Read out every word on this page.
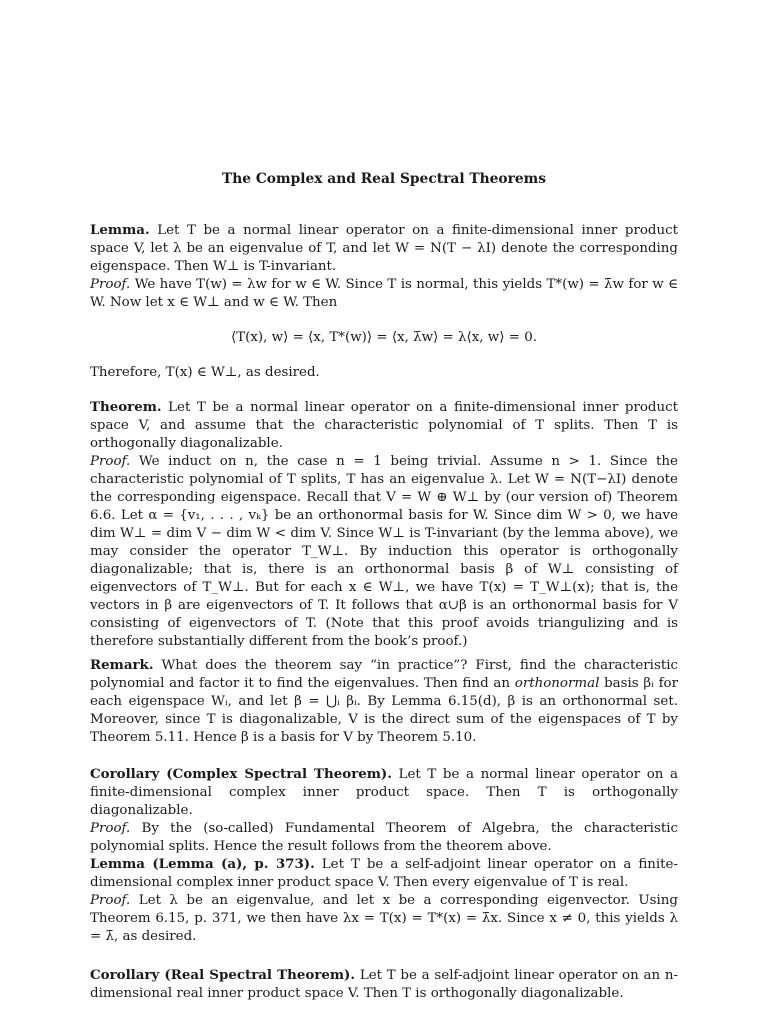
The Complex and Real Spectral Theorems

Lemma. Let T be a normal linear operator on a finite-dimensional inner product space V, let λ be an eigenvalue of T, and let W = N(T − λI) denote the corresponding eigenspace. Then W⊥ is T-invariant.

Proof. We have T(w) = λw for w ∈ W. Since T is normal, this yields T*(w) = λ̄w for w ∈ W. Now let x ∈ W⊥ and w ∈ W. Then

⟨T(x), w⟩ = ⟨x, T*(w)⟩ = ⟨x, λ̄w⟩ = λ⟨x, w⟩ = 0.

Therefore, T(x) ∈ W⊥, as desired.

Theorem. Let T be a normal linear operator on a finite-dimensional inner product space V, and assume that the characteristic polynomial of T splits. Then T is orthogonally diagonalizable.

Proof. We induct on n, the case n = 1 being trivial. Assume n > 1. Since the characteristic polynomial of T splits, T has an eigenvalue λ. Let W = N(T−λI) denote the corresponding eigenspace. Recall that V = W ⊕ W⊥ by (our version of) Theorem 6.6. Let α = {v₁, . . . , vₖ} be an orthonormal basis for W. Since dim W > 0, we have dim W⊥ = dim V − dim W < dim V. Since W⊥ is T-invariant (by the lemma above), we may consider the operator T_W⊥. By induction this operator is orthogonally diagonalizable; that is, there is an orthonormal basis β of W⊥ consisting of eigenvectors of T_W⊥. But for each x ∈ W⊥, we have T(x) = T_W⊥(x); that is, the vectors in β are eigenvectors of T. It follows that α∪β is an orthonormal basis for V consisting of eigenvectors of T. (Note that this proof avoids triangulizing and is therefore substantially different from the book’s proof.)

Remark. What does the theorem say “in practice”? First, find the characteristic polynomial and factor it to find the eigenvalues. Then find an orthonormal basis βᵢ for each eigenspace Wᵢ, and let β = ⋃ᵢ βᵢ. By Lemma 6.15(d), β is an orthonormal set. Moreover, since T is diagonalizable, V is the direct sum of the eigenspaces of T by Theorem 5.11. Hence β is a basis for V by Theorem 5.10.

Corollary (Complex Spectral Theorem). Let T be a normal linear operator on a finite-dimensional complex inner product space. Then T is orthogonally diagonalizable.

Proof. By the (so-called) Fundamental Theorem of Algebra, the characteristic polynomial splits. Hence the result follows from the theorem above.

Lemma (Lemma (a), p. 373). Let T be a self-adjoint linear operator on a finite-dimensional complex inner product space V. Then every eigenvalue of T is real.

Proof. Let λ be an eigenvalue, and let x be a corresponding eigenvector. Using Theorem 6.15, p. 371, we then have λx = T(x) = T*(x) = λ̄x. Since x ≠ 0, this yields λ = λ̄, as desired.

Corollary (Real Spectral Theorem). Let T be a self-adjoint linear operator on an n-dimensional real inner product space V. Then T is orthogonally diagonalizable.
